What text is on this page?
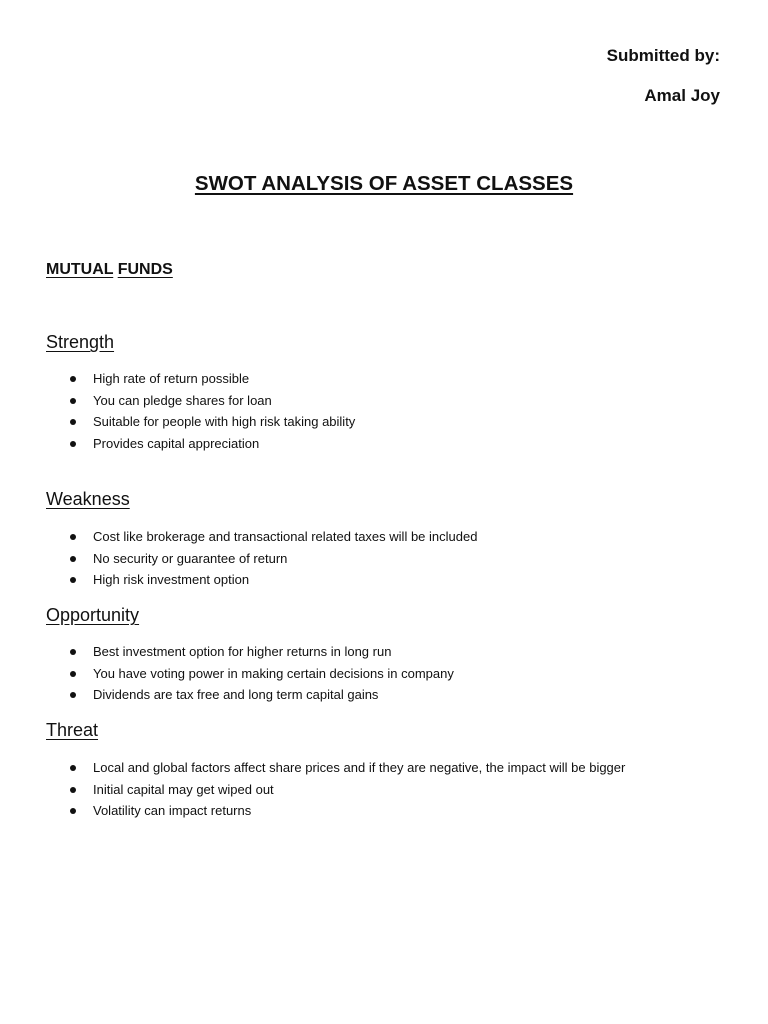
Submitted by:
Amal Joy
SWOT ANALYSIS OF ASSET CLASSES
MUTUAL FUNDS
Strength
High rate of return possible
You can pledge shares for loan
Suitable for people with high risk taking ability
Provides capital appreciation
Weakness
Cost like brokerage and transactional related taxes will be included
No security or guarantee of return
High risk investment option
Opportunity
Best investment option for higher returns in long run
You have voting power in making certain decisions in company
Dividends are tax free and long term capital gains
Threat
Local and global factors affect share prices and if they are negative, the impact will be bigger
Initial capital may get wiped out
Volatility can impact returns
